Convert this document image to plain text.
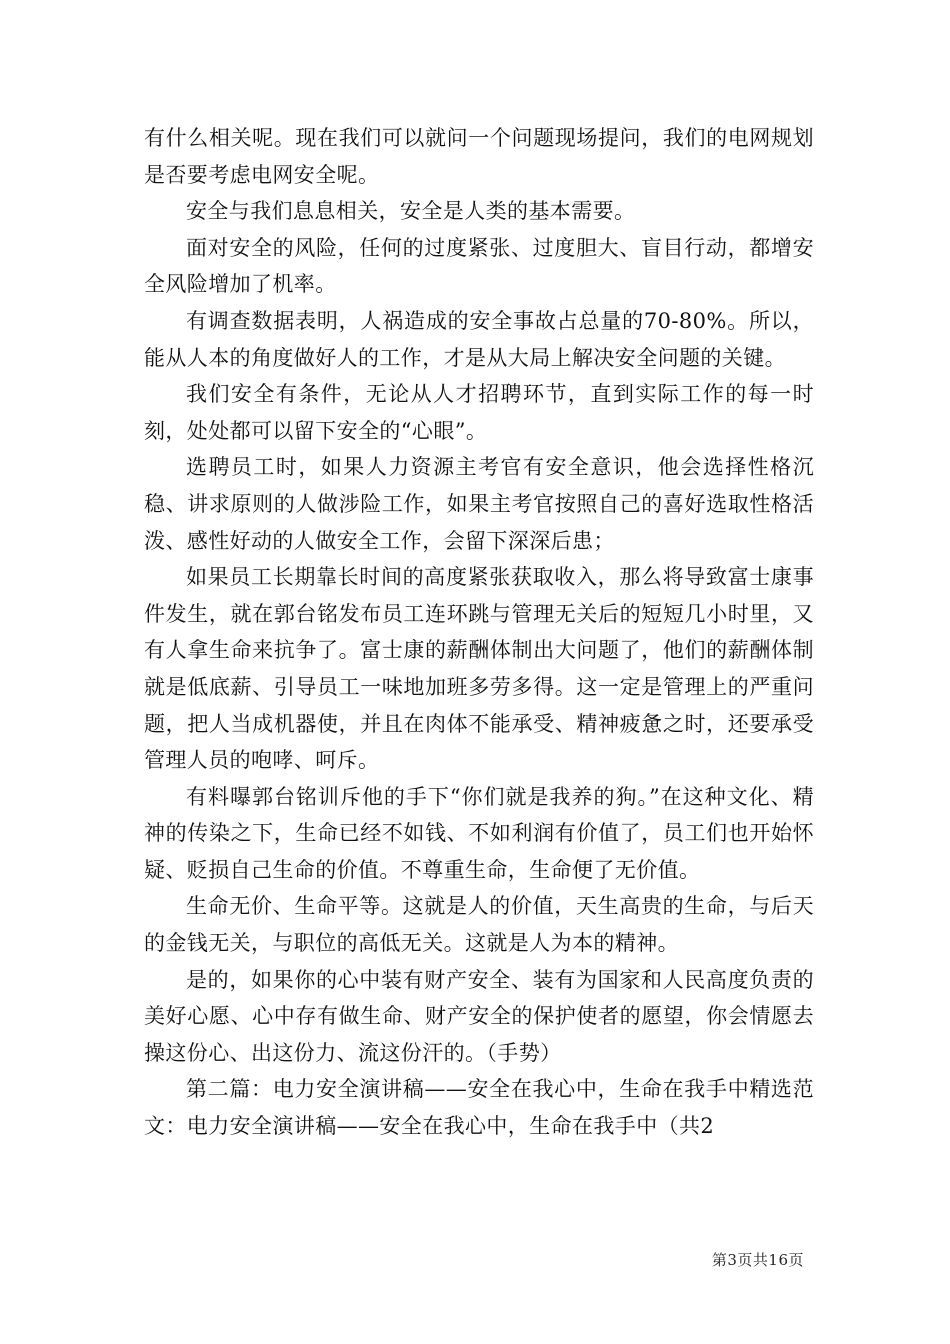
有什么相关呢。现在我们可以就问一个问题现场提问，我们的电网规划是否要考虑电网安全呢。

安全与我们息息相关，安全是人类的基本需要。

面对安全的风险，任何的过度紧张、过度胆大、盲目行动，都增安全风险增加了机率。

有调查数据表明，人祸造成的安全事故占总量的70-80%。所以，能从人本的角度做好人的工作，才是从大局上解决安全问题的关键。

我们安全有条件，无论从人才招聘环节，直到实际工作的每一时刻，处处都可以留下安全的“心眼”。

选聘员工时，如果人力资源主考官有安全意识，他会选择性格沉稳、讲求原则的人做涉险工作，如果主考官按照自己的喜好选取性格活泼、感性好动的人做安全工作，会留下深深后患；

如果员工长期靠长时间的高度紧张获取收入，那么将导致富士康事件发生，就在郭台铭发布员工连环跳与管理无关后的短短几小时里，又有人拿生命来抗争了。富士康的薪酬体制出大问题了，他们的薪酬体制就是低底薪、引导员工一味地加班多劳多得。这一定是管理上的严重问题，把人当成机器使，并且在肉体不能承受、精神疲惫之时，还要承受管理人员的咆哮、呵斥。

有料曝郭台铭训斥他的手下“你们就是我养的狗。”在这种文化、精神的传染之下，生命已经不如钱、不如利润有价值了，员工们也开始怀疑、贬损自己生命的价值。不尊重生命，生命便了无价值。

生命无价、生命平等。这就是人的价值，天生高贵的生命，与后天的金钱无关，与职位的高低无关。这就是人为本的精神。

是的，如果你的心中装有财产安全、装有为国家和人民高度负责的美好心愿、心中存有做生命、财产安全的保护使者的愿望，你会情愿去操这份心、出这份力、流这份汗的。（手势）

第二篇：电力安全演讲稿——安全在我心中，生命在我手中精选范文：电力安全演讲稿——安全在我心中，生命在我手中（共2

第3页共16页
